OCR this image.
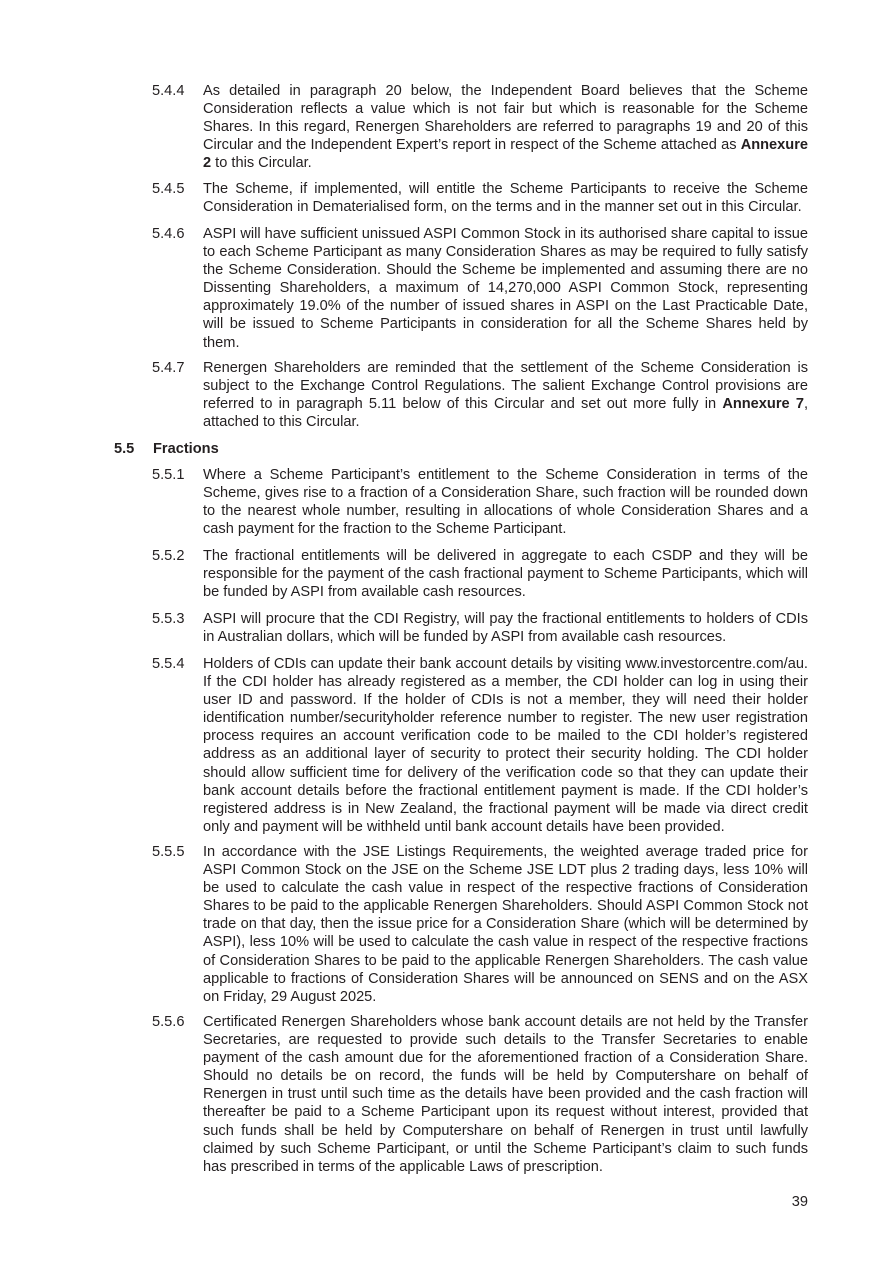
5.4.4	As detailed in paragraph 20 below, the Independent Board believes that the Scheme Consideration reflects a value which is not fair but which is reasonable for the Scheme Shares. In this regard, Renergen Shareholders are referred to paragraphs 19 and 20 of this Circular and the Independent Expert’s report in respect of the Scheme attached as Annexure 2 to this Circular.
5.4.5	The Scheme, if implemented, will entitle the Scheme Participants to receive the Scheme Consideration in Dematerialised form, on the terms and in the manner set out in this Circular.
5.4.6	ASPI will have sufficient unissued ASPI Common Stock in its authorised share capital to issue to each Scheme Participant as many Consideration Shares as may be required to fully satisfy the Scheme Consideration. Should the Scheme be implemented and assuming there are no Dissenting Shareholders, a maximum of 14,270,000 ASPI Common Stock, representing approximately 19.0% of the number of issued shares in ASPI on the Last Practicable Date, will be issued to Scheme Participants in consideration for all the Scheme Shares held by them.
5.4.7	Renergen Shareholders are reminded that the settlement of the Scheme Consideration is subject to the Exchange Control Regulations. The salient Exchange Control provisions are referred to in paragraph 5.11 below of this Circular and set out more fully in Annexure 7, attached to this Circular.
5.5 Fractions
5.5.1	Where a Scheme Participant’s entitlement to the Scheme Consideration in terms of the Scheme, gives rise to a fraction of a Consideration Share, such fraction will be rounded down to the nearest whole number, resulting in allocations of whole Consideration Shares and a cash payment for the fraction to the Scheme Participant.
5.5.2	The fractional entitlements will be delivered in aggregate to each CSDP and they will be responsible for the payment of the cash fractional payment to Scheme Participants, which will be funded by ASPI from available cash resources.
5.5.3	ASPI will procure that the CDI Registry, will pay the fractional entitlements to holders of CDIs in Australian dollars, which will be funded by ASPI from available cash resources.
5.5.4	Holders of CDIs can update their bank account details by visiting www.investorcentre.com/au. If the CDI holder has already registered as a member, the CDI holder can log in using their user ID and password. If the holder of CDIs is not a member, they will need their holder identification number/securityholder reference number to register. The new user registration process requires an account verification code to be mailed to the CDI holder’s registered address as an additional layer of security to protect their security holding. The CDI holder should allow sufficient time for delivery of the verification code so that they can update their bank account details before the fractional entitlement payment is made. If the CDI holder’s registered address is in New Zealand, the fractional payment will be made via direct credit only and payment will be withheld until bank account details have been provided.
5.5.5	In accordance with the JSE Listings Requirements, the weighted average traded price for ASPI Common Stock on the JSE on the Scheme JSE LDT plus 2 trading days, less 10% will be used to calculate the cash value in respect of the respective fractions of Consideration Shares to be paid to the applicable Renergen Shareholders. Should ASPI Common Stock not trade on that day, then the issue price for a Consideration Share (which will be determined by ASPI), less 10% will be used to calculate the cash value in respect of the respective fractions of Consideration Shares to be paid to the applicable Renergen Shareholders. The cash value applicable to fractions of Consideration Shares will be announced on SENS and on the ASX on Friday, 29 August 2025.
5.5.6	Certificated Renergen Shareholders whose bank account details are not held by the Transfer Secretaries, are requested to provide such details to the Transfer Secretaries to enable payment of the cash amount due for the aforementioned fraction of a Consideration Share. Should no details be on record, the funds will be held by Computershare on behalf of Renergen in trust until such time as the details have been provided and the cash fraction will thereafter be paid to a Scheme Participant upon its request without interest, provided that such funds shall be held by Computershare on behalf of Renergen in trust until lawfully claimed by such Scheme Participant, or until the Scheme Participant’s claim to such funds has prescribed in terms of the applicable Laws of prescription.
39
